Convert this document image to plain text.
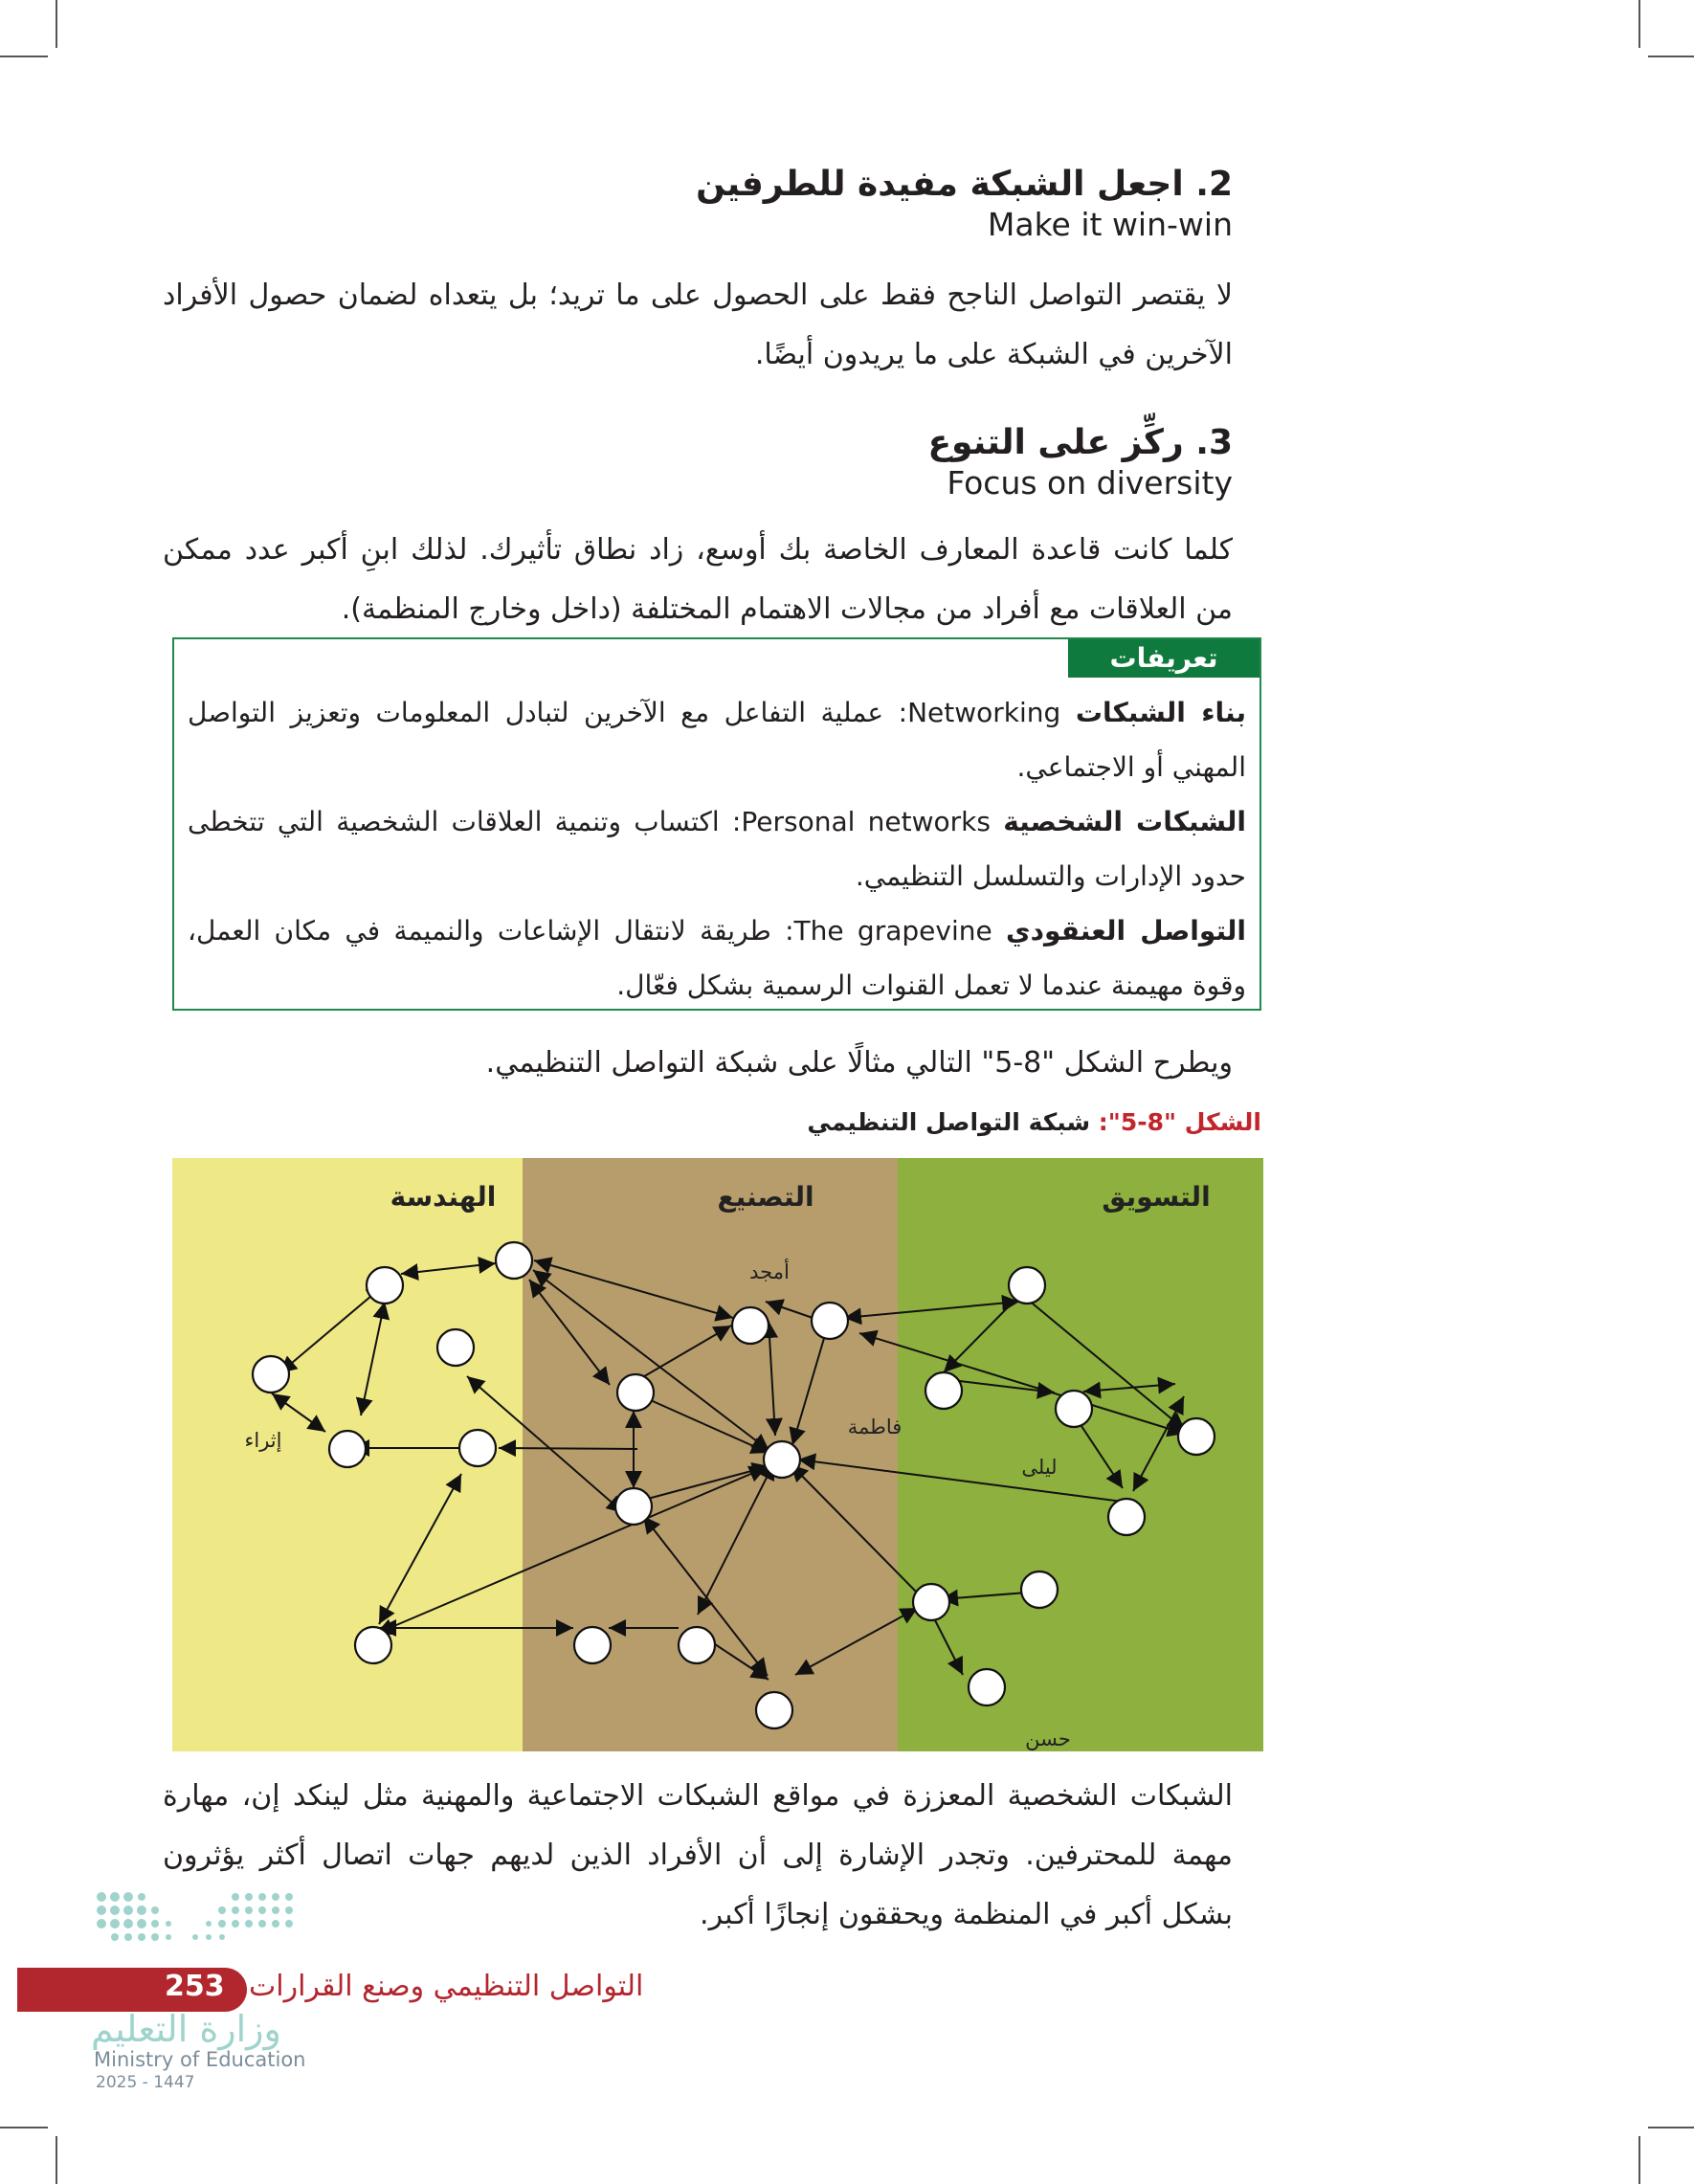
2. اجعل الشبكة مفيدة للطرفين
Make it win-win
لا يقتصر التواصل الناجح فقط على الحصول على ما تريد؛ بل يتعداه لضمان حصول الأفراد الآخرين في الشبكة على ما يريدون أيضًا.
3. ركِّز على التنوع
Focus on diversity
كلما كانت قاعدة المعارف الخاصة بك أوسع، زاد نطاق تأثيرك. لذلك ابنِ أكبر عدد ممكن من العلاقات مع أفراد من مجالات الاهتمام المختلفة (داخل وخارج المنظمة).
تعريفات
بناء الشبكات Networking: عملية التفاعل مع الآخرين لتبادل المعلومات وتعزيز التواصل المهني أو الاجتماعي.
الشبكات الشخصية Personal networks: اكتساب وتنمية العلاقات الشخصية التي تتخطى حدود الإدارات والتسلسل التنظيمي.
التواصل العنقودي The grapevine: طريقة لانتقال الإشاعات والنميمة في مكان العمل، وقوة مهيمنة عندما لا تعمل القنوات الرسمية بشكل فعّال.
ويطرح الشكل "8-5" التالي مثالًا على شبكة التواصل التنظيمي.
الشكل "8-5": شبكة التواصل التنظيمي
الهندسة	التصنيع	التسويق
أمجد
فاطمة
إثراء
ليلى
حسن
الشبكات الشخصية المعززة في مواقع الشبكات الاجتماعية والمهنية مثل لينكد إن، مهارة مهمة للمحترفين. وتجدر الإشارة إلى أن الأفراد الذين لديهم جهات اتصال أكثر يؤثرون بشكل أكبر في المنظمة ويحققون إنجازًا أكبر.
253 التواصل التنظيمي وصنع القرارات
وزارة التعليم
Ministry of Education
2025 - 1447
